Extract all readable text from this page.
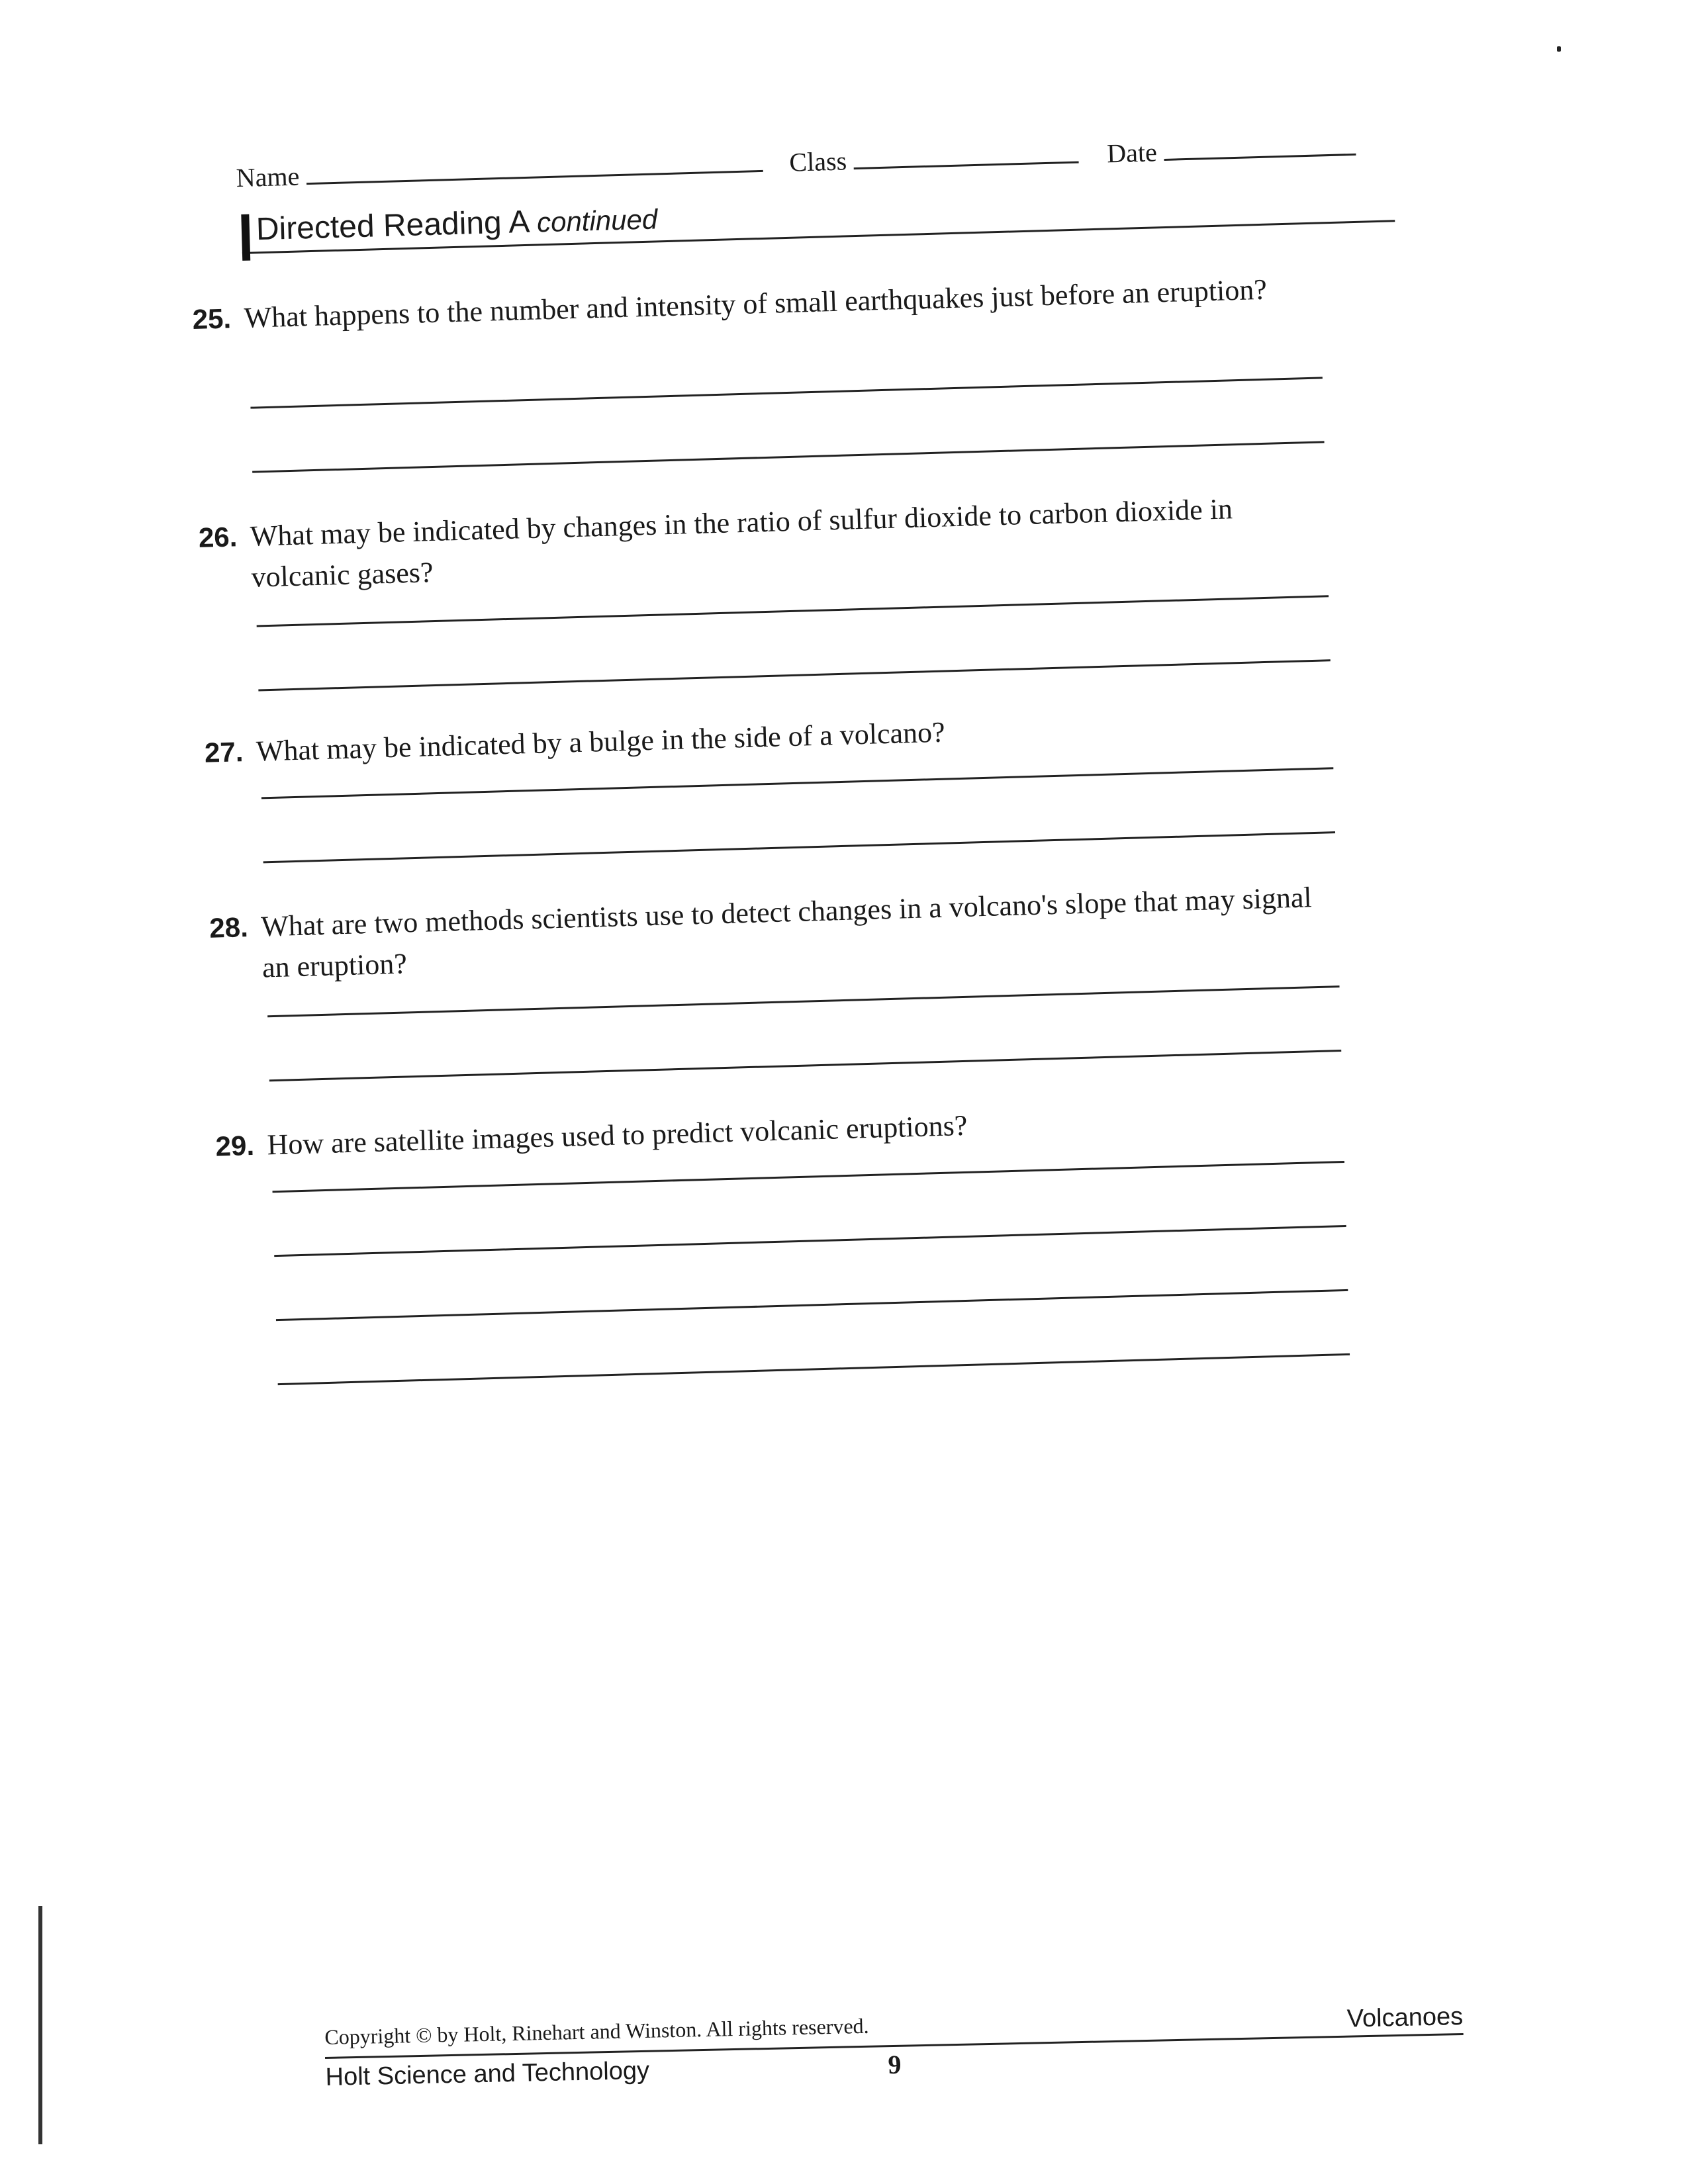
Name	Class	Date
Directed Reading A continued
25. What happens to the number and intensity of small earthquakes just before an eruption?
26. What may be indicated by changes in the ratio of sulfur dioxide to carbon dioxide in volcanic gases?
27. What may be indicated by a bulge in the side of a volcano?
28. What are two methods scientists use to detect changes in a volcano's slope that may signal an eruption?
29. How are satellite images used to predict volcanic eruptions?
Copyright © by Holt, Rinehart and Winston. All rights reserved.	Volcanoes
Holt Science and Technology	9
